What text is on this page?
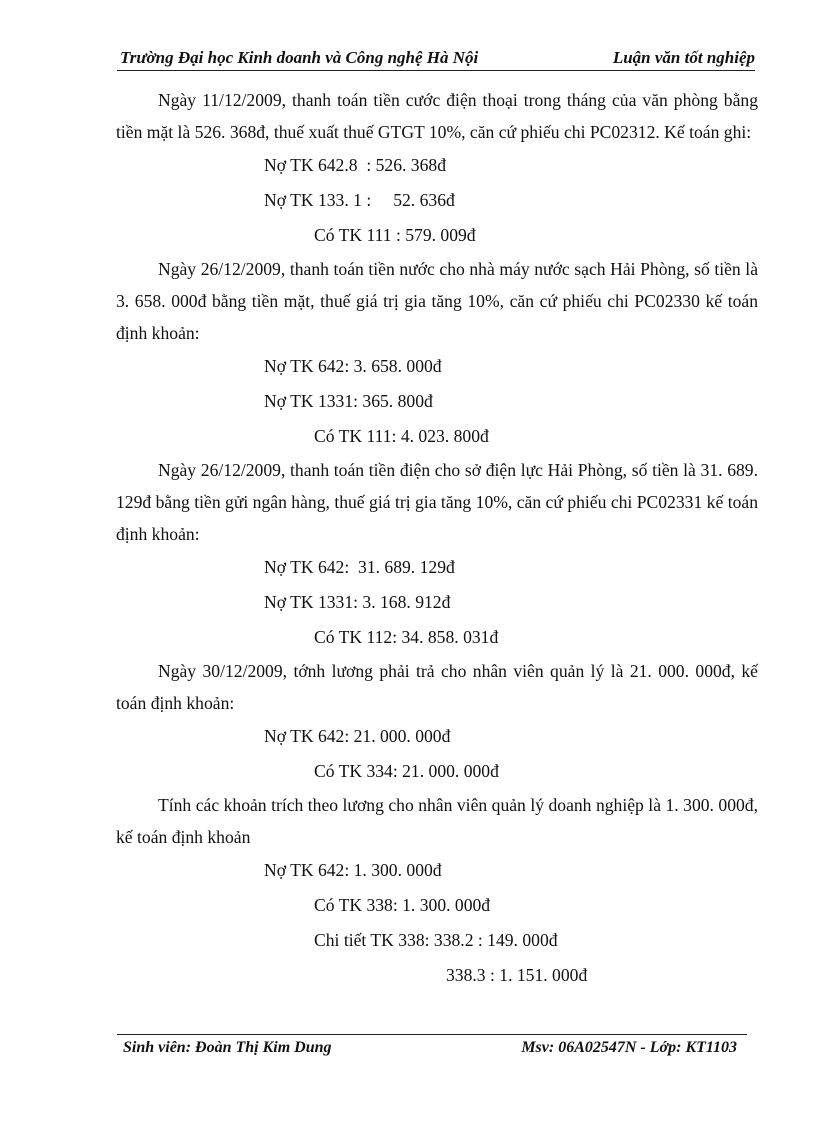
Trường Đại học Kinh doanh và Công nghệ Hà Nội	Luận văn tốt nghiệp

Ngày 11/12/2009, thanh toán tiền cước điện thoại trong tháng của văn phòng bằng tiền mặt là 526. 368đ, thuế xuất thuế GTGT 10%, căn cứ phiếu chi PC02312. Kế toán ghi:

Nợ TK 642.8  : 526. 368đ
Nợ TK 133. 1 :     52. 636đ
Có TK 111 : 579. 009đ

Ngày 26/12/2009, thanh toán tiền nước cho nhà máy nước sạch Hải Phòng, số tiền là 3. 658. 000đ bằng tiền mặt, thuế giá trị gia tăng 10%, căn cứ phiếu chi PC02330 kế toán định khoản:

Nợ TK 642: 3. 658. 000đ
Nợ TK 1331: 365. 800đ
Có TK 111: 4. 023. 800đ

Ngày 26/12/2009, thanh toán tiền điện cho sở điện lực Hải Phòng, số tiền là 31. 689. 129đ bằng tiền gửi ngân hàng, thuế giá trị gia tăng 10%, căn cứ phiếu chi PC02331 kế toán định khoản:

Nợ TK 642:  31. 689. 129đ
Nợ TK 1331: 3. 168. 912đ
Có TK 112: 34. 858. 031đ

Ngày 30/12/2009, tớnh lương phải trả cho nhân viên quản lý là 21. 000. 000đ, kế toán định khoản:

Nợ TK 642: 21. 000. 000đ
Có TK 334: 21. 000. 000đ

Tính các khoản trích theo lương cho nhân viên quản lý doanh nghiệp là 1. 300. 000đ, kế toán định khoản

Nợ TK 642: 1. 300. 000đ
Có TK 338: 1. 300. 000đ
Chi tiết TK 338: 338.2 : 149. 000đ
338.3 : 1. 151. 000đ
Sinh viên: Đoàn Thị Kim Dung	Msv: 06A02547N - Lớp: KT1103
